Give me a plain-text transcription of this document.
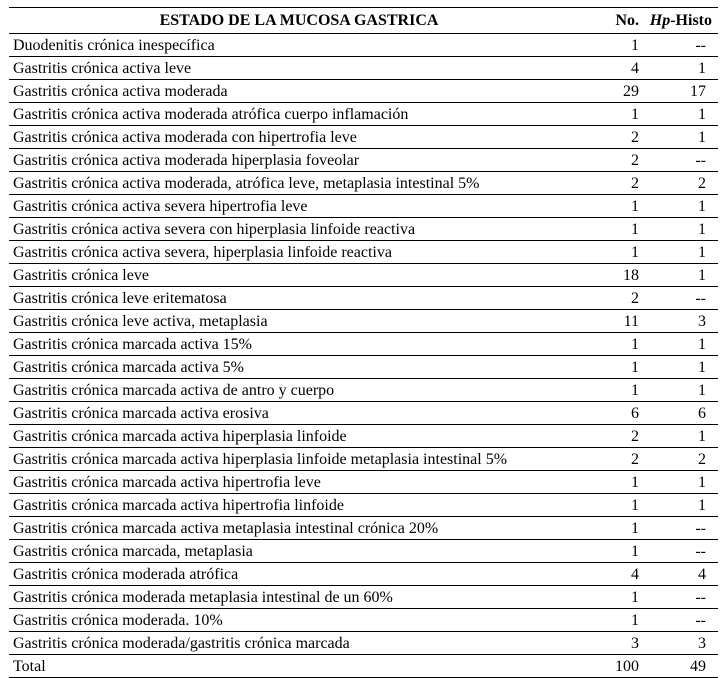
ESTADO DE LA MUCOSA GASTRICA	No.	Hp-Histo
Duodenitis crónica inespecífica	1	--
Gastritis crónica activa leve	4	1
Gastritis crónica activa moderada	29	17
Gastritis crónica activa moderada atrófica cuerpo inflamación	1	1
Gastritis crónica activa moderada con hipertrofia leve	2	1
Gastritis crónica activa moderada hiperplasia foveolar	2	--
Gastritis crónica activa moderada, atrófica leve, metaplasia intestinal 5%	2	2
Gastritis crónica activa severa hipertrofia leve	1	1
Gastritis crónica activa severa con hiperplasia linfoide reactiva	1	1
Gastritis crónica activa severa, hiperplasia linfoide reactiva	1	1
Gastritis crónica leve	18	1
Gastritis crónica leve eritematosa	2	--
Gastritis crónica leve activa, metaplasia	11	3
Gastritis crónica marcada activa 15%	1	1
Gastritis crónica marcada activa 5%	1	1
Gastritis crónica marcada activa de antro y cuerpo	1	1
Gastritis crónica marcada activa erosiva	6	6
Gastritis crónica marcada activa hiperplasia linfoide	2	1
Gastritis crónica marcada activa hiperplasia linfoide metaplasia intestinal 5%	2	2
Gastritis crónica marcada activa hipertrofia leve	1	1
Gastritis crónica marcada activa hipertrofia linfoide	1	1
Gastritis crónica marcada activa metaplasia intestinal crónica 20%	1	--
Gastritis crónica marcada, metaplasia	1	--
Gastritis crónica moderada atrófica	4	4
Gastritis crónica moderada metaplasia intestinal de un 60%	1	--
Gastritis crónica moderada. 10%	1	--
Gastritis crónica moderada/gastritis crónica marcada	3	3
Total	100	49
